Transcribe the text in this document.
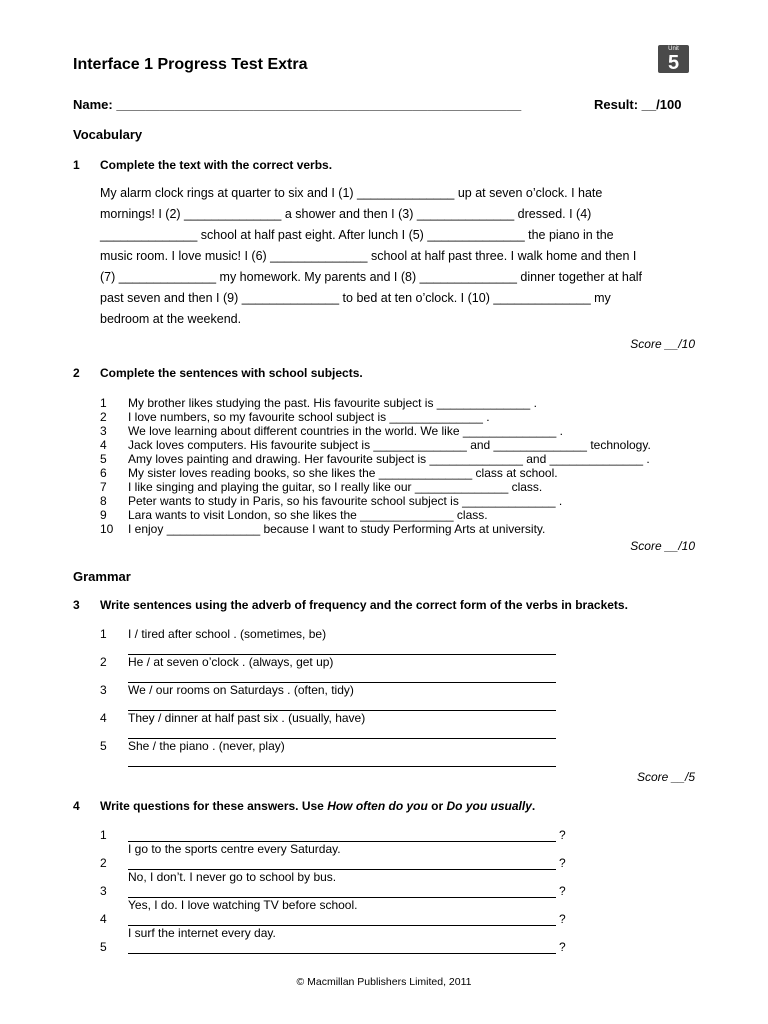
Interface 1 Progress Test Extra
Unit
5
Name: ________________________________________________________	Result: __/100
Vocabulary
1 Complete the text with the correct verbs.
My alarm clock rings at quarter to six and I (1) ______________ up at seven o’clock. I hate
mornings! I (2) ______________ a shower and then I (3) ______________ dressed. I (4)
______________ school at half past eight. After lunch I (5) ______________ the piano in the
music room. I love music! I (6) ______________ school at half past three. I walk home and then I
(7) ______________ my homework. My parents and I (8) ______________ dinner together at half
past seven and then I (9) ______________ to bed at ten o’clock. I (10) ______________ my
bedroom at the weekend.
Score __/10
2 Complete the sentences with school subjects.
1	My brother likes studying the past. His favourite subject is ______________ .
2	I love numbers, so my favourite school subject is ______________ .
3	We love learning about different countries in the world. We like ______________ .
4	Jack loves computers. His favourite subject is ______________ and ______________ technology.
5	Amy loves painting and drawing. Her favourite subject is ______________ and ______________ .
6	My sister loves reading books, so she likes the ______________ class at school.
7	I like singing and playing the guitar, so I really like our ______________ class.
8	Peter wants to study in Paris, so his favourite school subject is ______________ .
9	Lara wants to visit London, so she likes the ______________ class.
10	I enjoy ______________ because I want to study Performing Arts at university.
Score __/10
Grammar
3 Write sentences using the adverb of frequency and the correct form of the verbs in brackets.
1 I / tired after school . (sometimes, be)
2 He / at seven o’clock . (always, get up)
3 We / our rooms on Saturdays . (often, tidy)
4 They / dinner at half past six . (usually, have)
5 She / the piano . (never, play)
Score __/5
4 Write questions for these answers. Use How often do you or Do you usually.
1	?
I go to the sports centre every Saturday.
2	?
No, I don’t. I never go to school by bus.
3	?
Yes, I do. I love watching TV before school.
4	?
I surf the internet every day.
5	?
© Macmillan Publishers Limited, 2011
